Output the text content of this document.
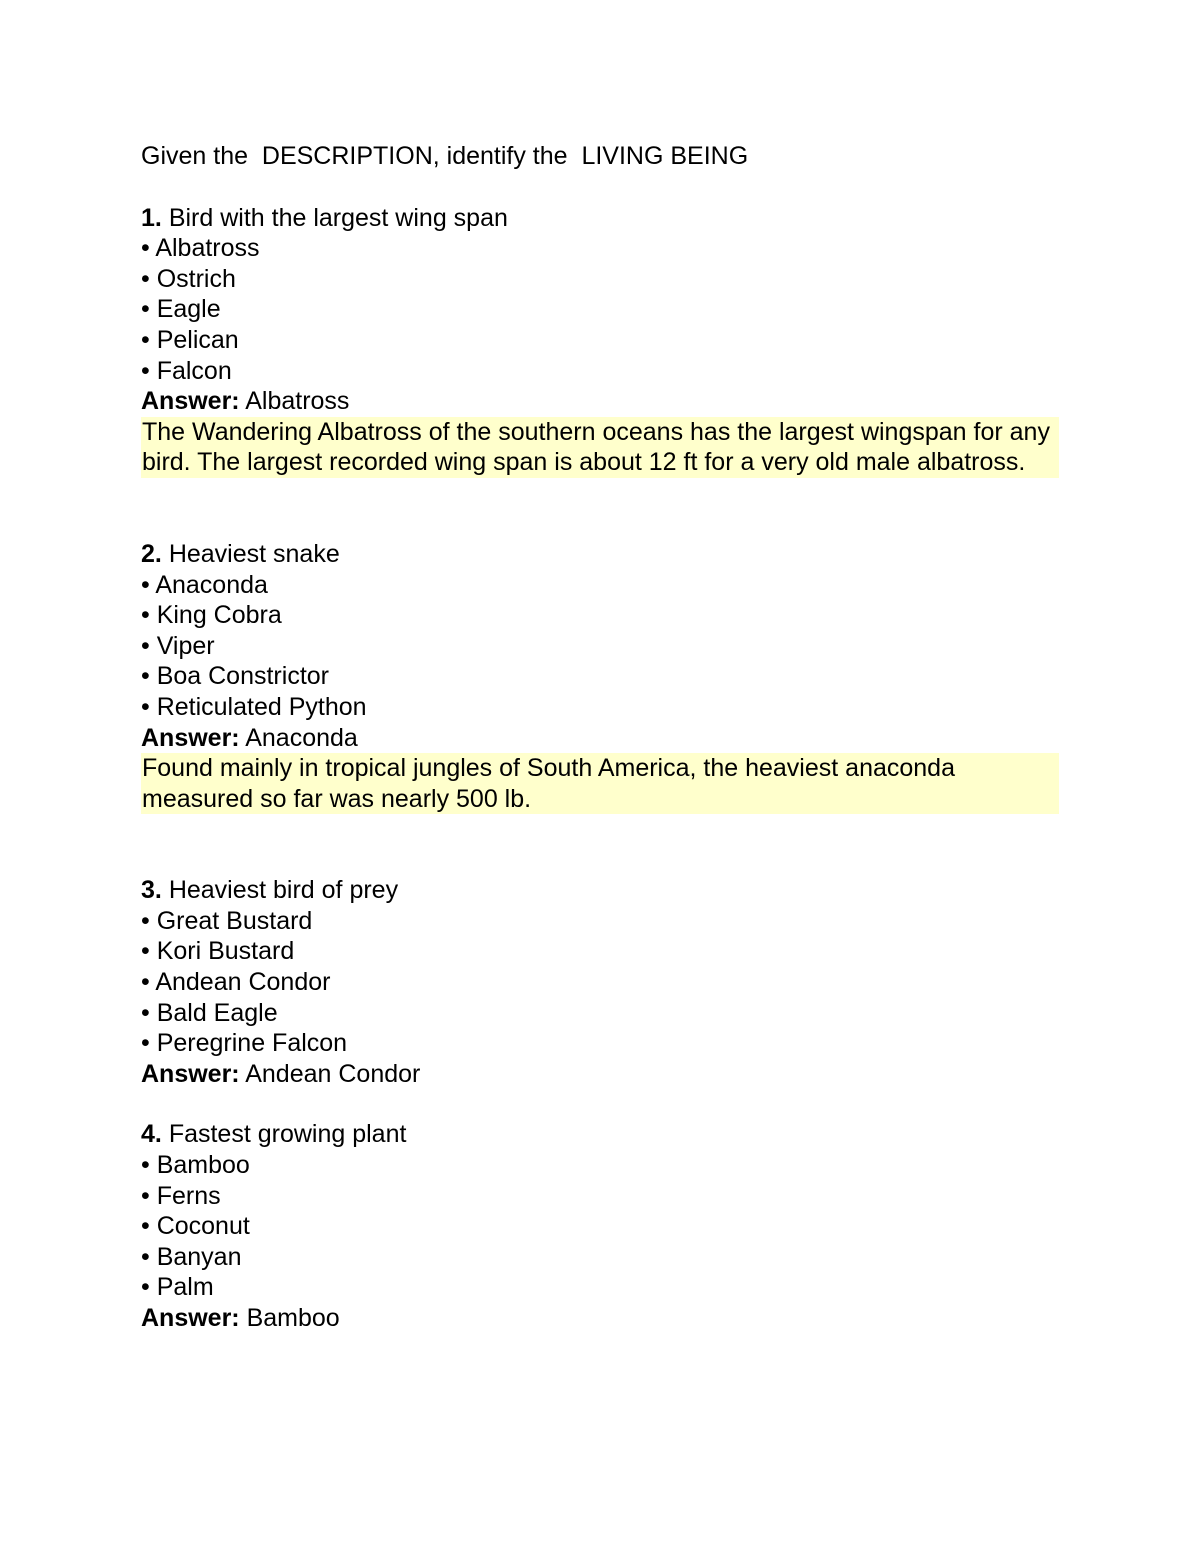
Given the  DESCRIPTION, identify the  LIVING BEING

1. Bird with the largest wing span

• Albatross
• Ostrich
• Eagle
• Pelican
• Falcon

Answer: Albatross

The Wandering Albatross of the southern oceans has the largest wingspan for any bird. The largest recorded wing span is about 12 ft for a very old male albatross.

2. Heaviest snake

• Anaconda
• King Cobra
• Viper
• Boa Constrictor
• Reticulated Python

Answer: Anaconda

Found mainly in tropical jungles of South America, the heaviest anaconda measured so far was nearly 500 lb.

3. Heaviest bird of prey

• Great Bustard
• Kori Bustard
• Andean Condor
• Bald Eagle
• Peregrine Falcon

Answer: Andean Condor

4. Fastest growing plant

• Bamboo
• Ferns
• Coconut
• Banyan
• Palm

Answer: Bamboo
